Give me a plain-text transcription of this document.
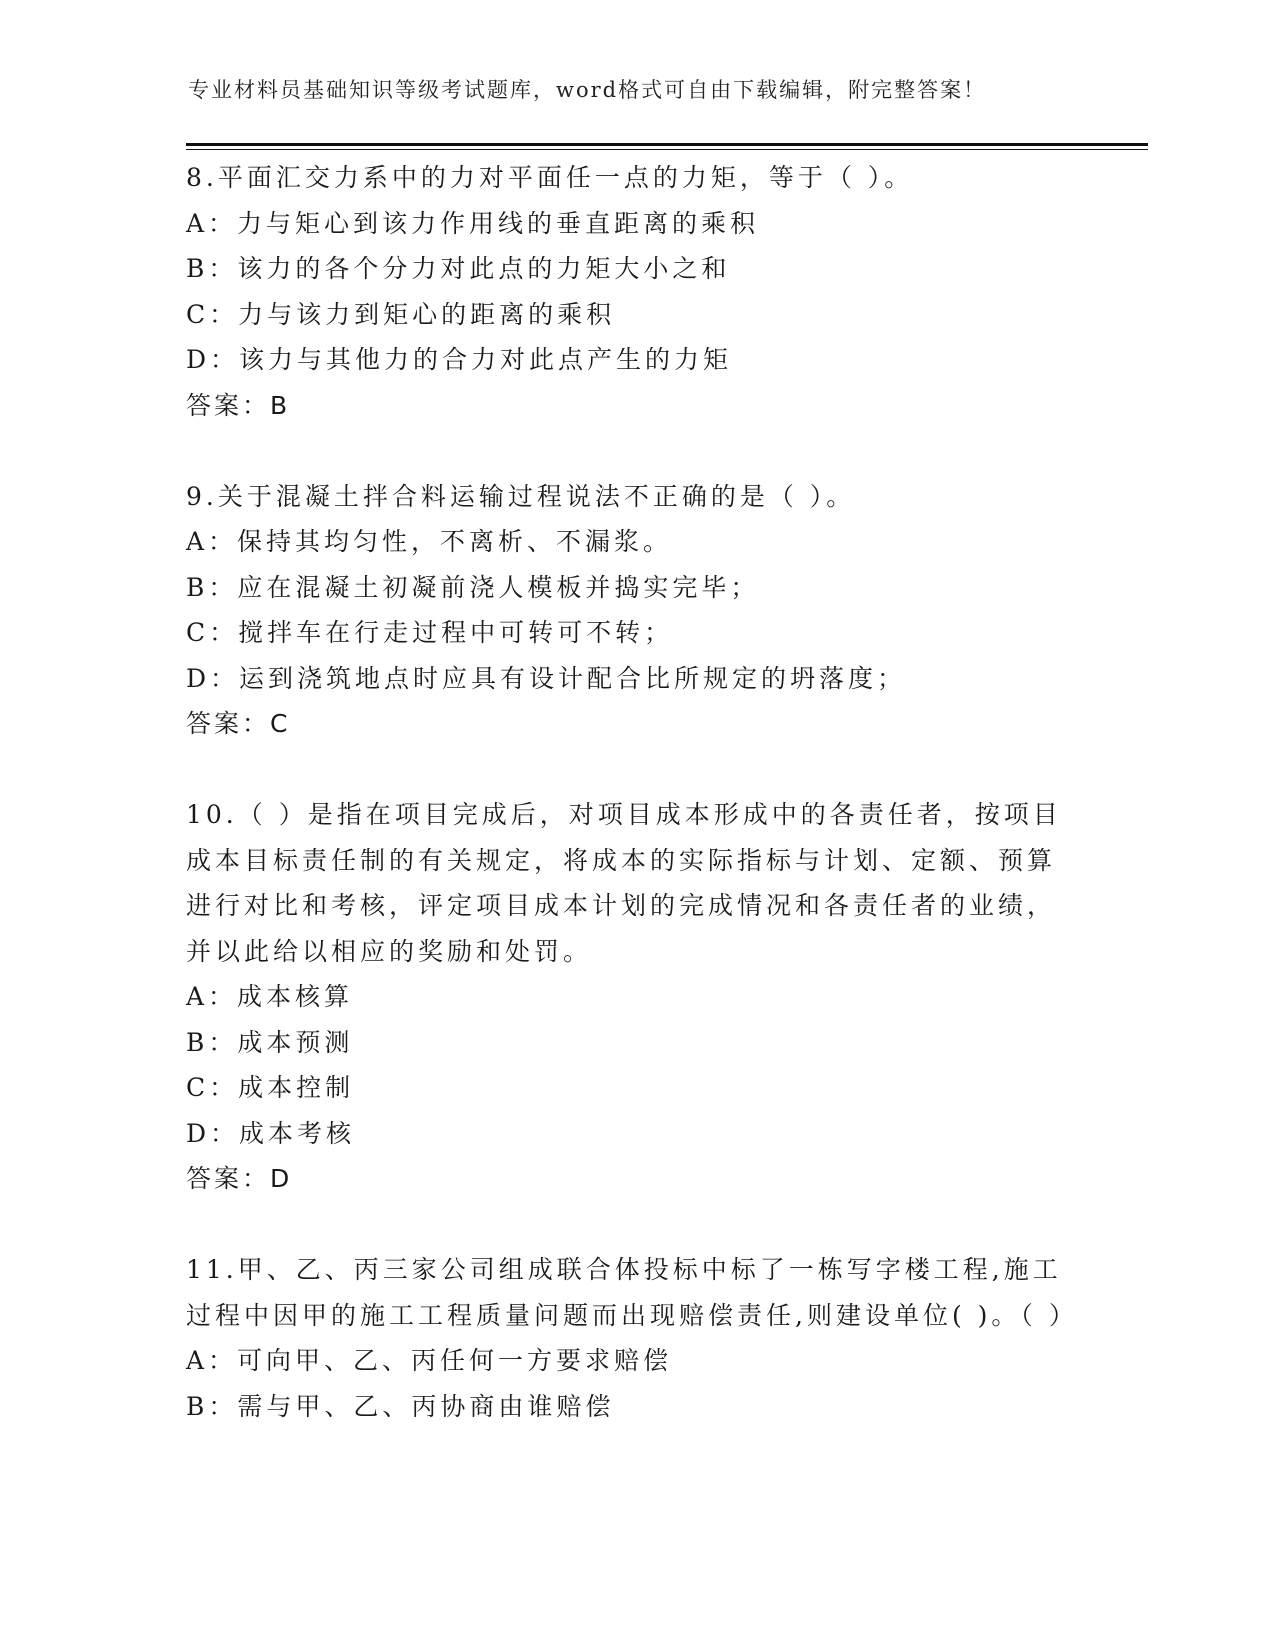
专业材料员基础知识等级考试题库，word格式可自由下载编辑，附完整答案！
8.平面汇交力系中的力对平面任一点的力矩，等于（ ）。
A：力与矩心到该力作用线的垂直距离的乘积
B：该力的各个分力对此点的力矩大小之和
C：力与该力到矩心的距离的乘积
D：该力与其他力的合力对此点产生的力矩
答案：B
9.关于混凝土拌合料运输过程说法不正确的是（ ）。
A：保持其均匀性，不离析、不漏浆。
B：应在混凝土初凝前浇人模板并捣实完毕；
C：搅拌车在行走过程中可转可不转；
D：运到浇筑地点时应具有设计配合比所规定的坍落度；
答案：C
10.（ ）是指在项目完成后，对项目成本形成中的各责任者，按项目成本目标责任制的有关规定，将成本的实际指标与计划、定额、预算进行对比和考核，评定项目成本计划的完成情况和各责任者的业绩，并以此给以相应的奖励和处罚。
A：成本核算
B：成本预测
C：成本控制
D：成本考核
答案：D
11.甲、乙、丙三家公司组成联合体投标中标了一栋写字楼工程,施工过程中因甲的施工工程质量问题而出现赔偿责任,则建设单位( )。（ ）
A：可向甲、乙、丙任何一方要求赔偿
B：需与甲、乙、丙协商由谁赔偿
